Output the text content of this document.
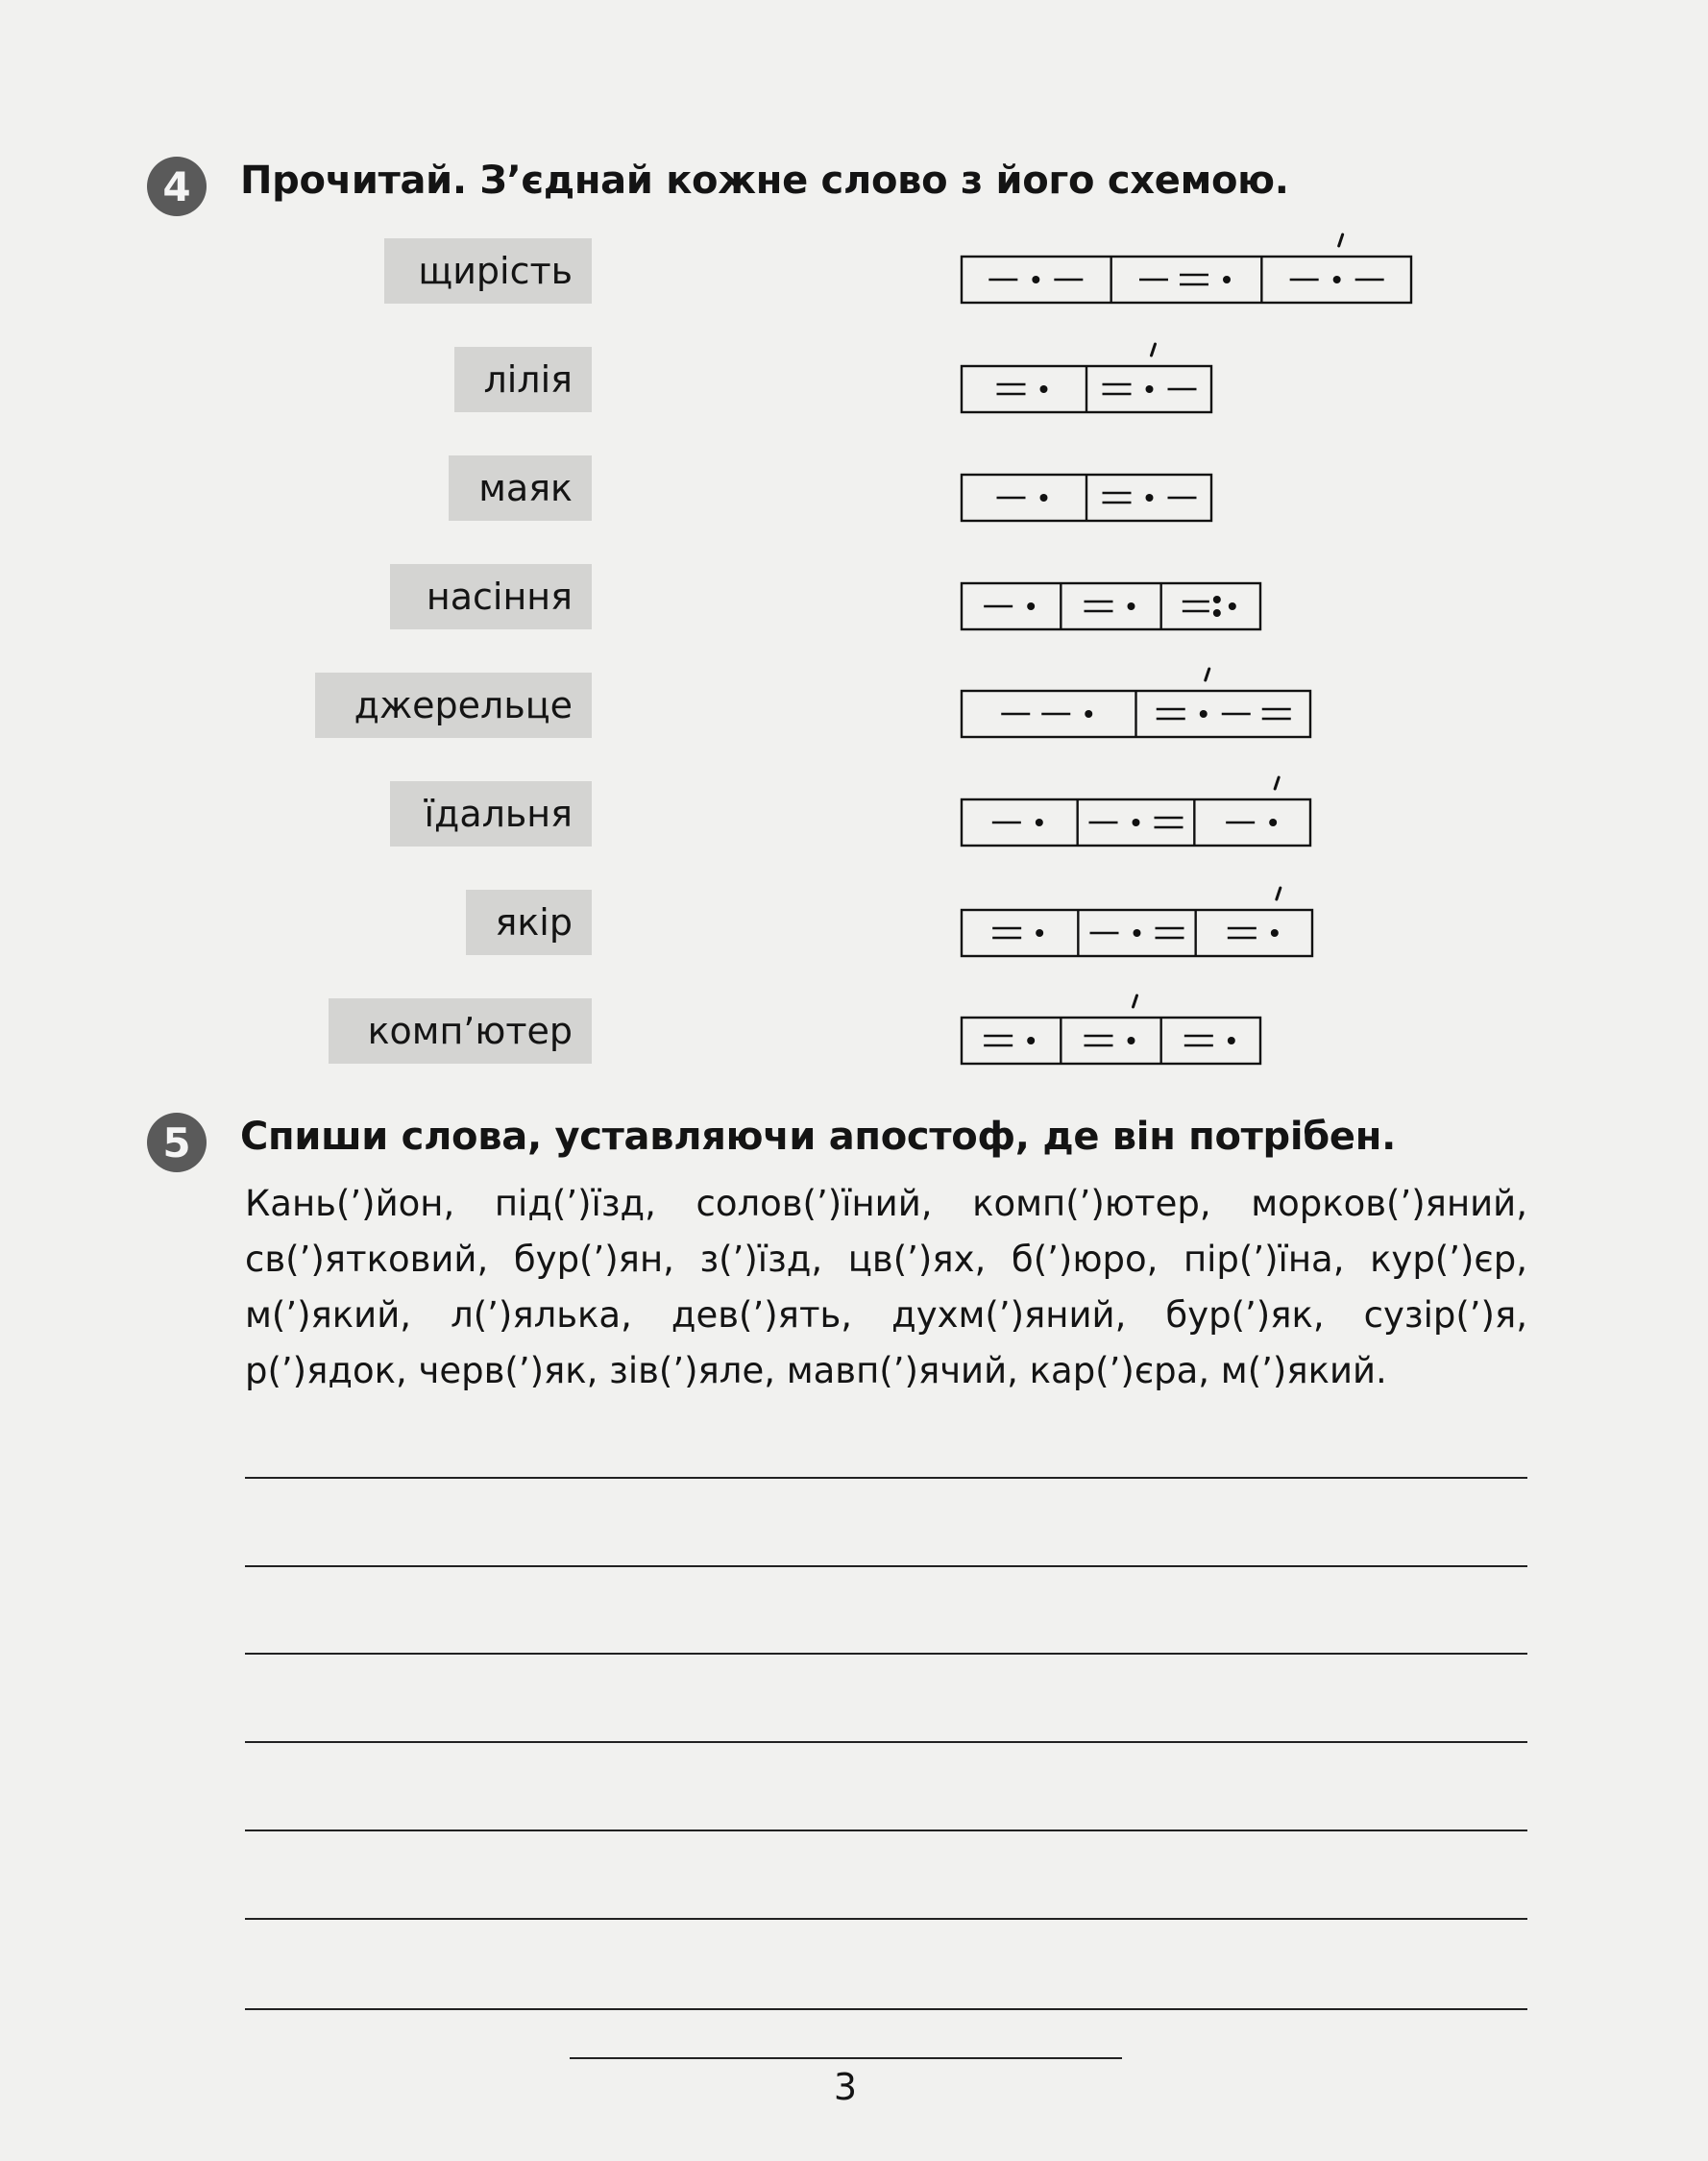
4	Прочитай. З’єднай кожне слово з його схемою.
щирість
лілія
маяк
насіння
джерельце
їдальня
якір
комп’ютер
5	Спиши слова, уставляючи апостоф, де він потрібен.
Кань(’)йон, під(’)їзд, солов(’)їний, комп(’)ютер, морков(’)яний,
св(’)ятковий, бур(’)ян, з(’)їзд, цв(’)ях, б(’)юро, пір(’)їна, кур(’)єр,
м(’)який, л(’)ялька, дев(’)ять, духм(’)яний, бур(’)як, сузір(’)я,
р(’)ядок, черв(’)як, зів(’)яле, мавп(’)ячий, кар(’)єра, м(’)який.
3
